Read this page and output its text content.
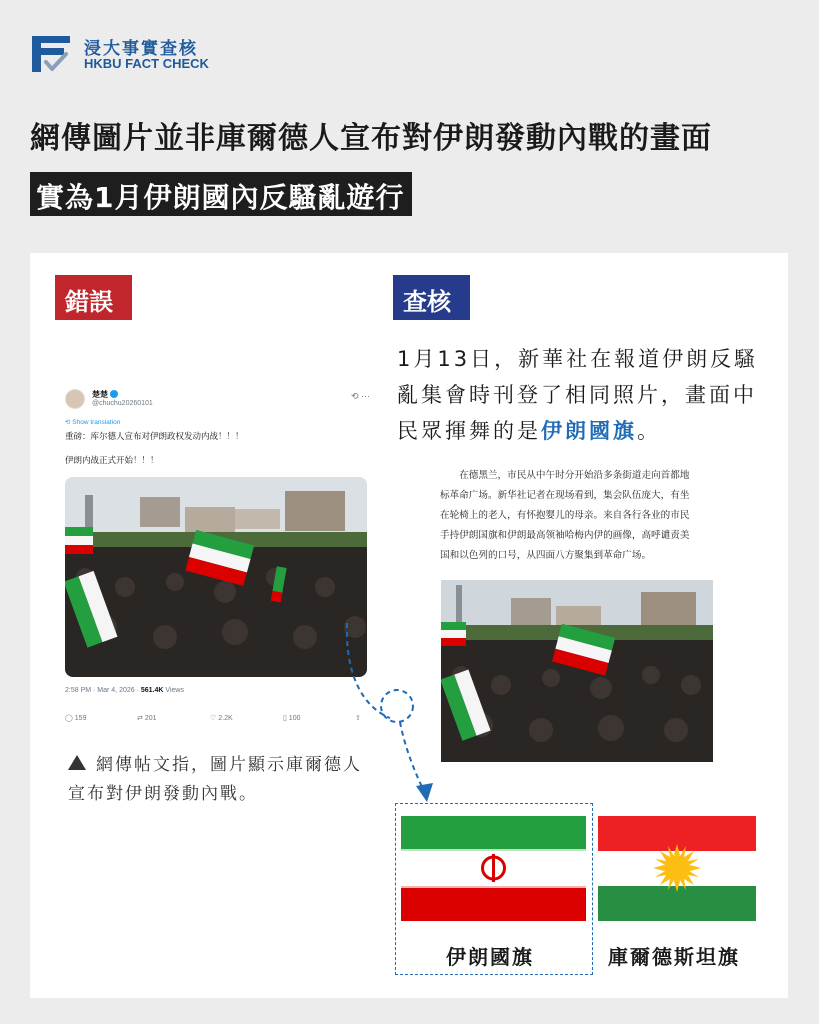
浸大事實查核
HKBU FACT CHECK
網傳圖片並非庫爾德人宣布對伊朗發動內戰的畫面
實為1月伊朗國內反騷亂遊行
錯誤	查核
楚楚
@chuchu20260101
⟲ ···
⟲ Show translation
重磅：库尔德人宣布对伊朗政权发动内战！！！
伊朗内战正式开始！！！
2:58 PM · Mar 4, 2026 · 561.4K Views
◯ 159	⇄ 201	♡ 2.2K	▯ 100	⇧
網傳帖文指，圖片顯示庫爾德人宣布對伊朗發動內戰。
1月13日，新華社在報道伊朗反騷亂集會時刊登了相同照片，畫面中民眾揮舞的是伊朗國旗。
　　在德黑兰，市民从中午时分开始沿多条街道走向首都地
标革命广场。新华社记者在现场看到，集会队伍庞大，有坐
在轮椅上的老人，有怀抱婴儿的母亲。来自各行各业的市民
手持伊朗国旗和伊朗最高领袖哈梅内伊的画像，高呼谴责美
国和以色列的口号，从四面八方聚集到革命广场。
伊朗國旗	庫爾德斯坦旗
